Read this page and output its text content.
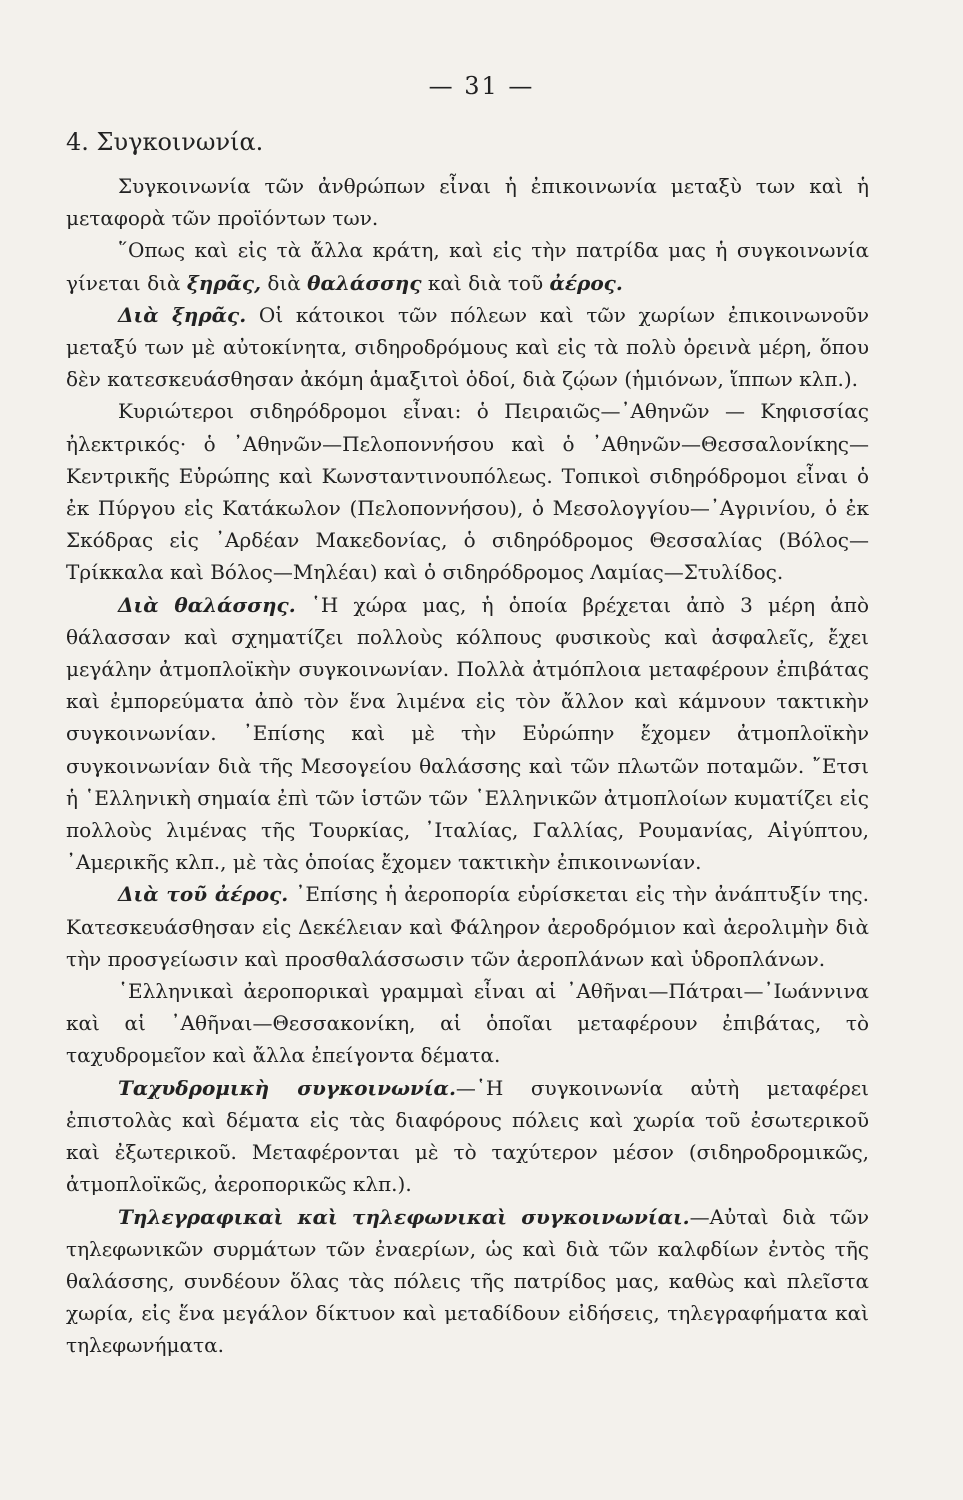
— 31 —
4. Συγκοινωνία.

Συγκοινωνία τῶν ἀνθρώπων εἶναι ἡ ἐπικοινωνία μεταξὺ των καὶ ἡ μεταφορὰ τῶν προϊόντων των.

῞Οπως καὶ εἰς τὰ ἄλλα κράτη, καὶ εἰς τὴν πατρίδα μας ἡ συγκοινωνία γίνεται διὰ ξηρᾶς, διὰ θαλάσσης καὶ διὰ τοῦ ἀέρος.

Διὰ ξηρᾶς. Οἱ κάτοικοι τῶν πόλεων καὶ τῶν χωρίων ἐπικοινωνοῦν μεταξύ των μὲ αὐτοκίνητα, σιδηροδρόμους καὶ εἰς τὰ πολὺ ὀρεινὰ μέρη, ὅπου δὲν κατεσκευάσθησαν ἀκόμη ἁμαξιτοὶ ὁδοί, διὰ ζῴων (ἡμιόνων, ἵππων κλπ.).

Κυριώτεροι σιδηρόδρομοι εἶναι: ὁ Πειραιῶς—᾿Αθηνῶν — Κηφισσίας ἠλεκτρικός· ὁ ᾿Αθηνῶν—Πελοποννήσου καὶ ὁ ᾿Αθηνῶν—Θεσσαλονίκης—Κεντρικῆς Εὐρώπης καὶ Κωνσταντινουπόλεως. Τοπικοὶ σιδηρόδρομοι εἶναι ὁ ἐκ Πύργου εἰς Κατάκωλον (Πελοποννήσου), ὁ Μεσολογγίου—᾿Αγρινίου, ὁ ἐκ Σκόδρας εἰς ᾿Αρδέαν Μακεδονίας, ὁ σιδηρόδρομος Θεσσαλίας (Βόλος—Τρίκκαλα καὶ Βόλος—Μηλέαι) καὶ ὁ σιδηρόδρομος Λαμίας—Στυλίδος.

Διὰ θαλάσσης. ῾Η χώρα μας, ἡ ὁποία βρέχεται ἀπὸ 3 μέρη ἀπὸ θάλασσαν καὶ σχηματίζει πολλοὺς κόλπους φυσικοὺς καὶ ἀσφαλεῖς, ἔχει μεγάλην ἀτμοπλοϊκὴν συγκοινωνίαν. Πολλὰ ἀτμόπλοια μεταφέρουν ἐπιβάτας καὶ ἐμπορεύματα ἀπὸ τὸν ἕνα λιμένα εἰς τὸν ἄλλον καὶ κάμνουν τακτικὴν συγκοινωνίαν. ᾿Επίσης καὶ μὲ τὴν Εὐρώπην ἔχομεν ἀτμοπλοϊκὴν συγκοινωνίαν διὰ τῆς Μεσογείου θαλάσσης καὶ τῶν πλωτῶν ποταμῶν. ῎Ετσι ἡ ῾Ελληνικὴ σημαία ἐπὶ τῶν ἱστῶν τῶν ῾Ελληνικῶν ἀτμοπλοίων κυματίζει εἰς πολλοὺς λιμένας τῆς Τουρκίας, ᾿Ιταλίας, Γαλλίας, Ρουμανίας, Αἰγύπτου, ᾿Αμερικῆς κλπ., μὲ τὰς ὁποίας ἔχομεν τακτικὴν ἐπικοινωνίαν.

Διὰ τοῦ ἀέρος. ᾿Επίσης ἡ ἀεροπορία εὑρίσκεται εἰς τὴν ἀνάπτυξίν της. Κατεσκευάσθησαν εἰς Δεκέλειαν καὶ Φάληρον ἀεροδρόμιον καὶ ἀερολιμὴν διὰ τὴν προσγείωσιν καὶ προσθαλάσσωσιν τῶν ἀεροπλάνων καὶ ὑδροπλάνων.

῾Ελληνικαὶ ἀεροπορικαὶ γραμμαὶ εἶναι αἱ ᾿Αθῆναι—Πάτραι—᾿Ιωάννινα καὶ αἱ ᾿Αθῆναι—Θεσσακονίκη, αἱ ὁποῖαι μεταφέρουν ἐπιβάτας, τὸ ταχυδρομεῖον καὶ ἄλλα ἐπείγοντα δέματα.

Ταχυδρομικὴ συγκοινωνία.—῾Η συγκοινωνία αὐτὴ μεταφέρει ἐπιστολὰς καὶ δέματα εἰς τὰς διαφόρους πόλεις καὶ χωρία τοῦ ἐσωτερικοῦ καὶ ἐξωτερικοῦ. Μεταφέρονται μὲ τὸ ταχύτερον μέσον (σιδηροδρομικῶς, ἀτμοπλοϊκῶς, ἀεροπορικῶς κλπ.).

Τηλεγραφικαὶ καὶ τηλεφωνικαὶ συγκοινωνίαι.—Αὐταὶ διὰ τῶν τηλεφωνικῶν συρμάτων τῶν ἐναερίων, ὡς καὶ διὰ τῶν καλφδίων ἐντὸς τῆς θαλάσσης, συνδέουν ὅλας τὰς πόλεις τῆς πατρίδος μας, καθὼς καὶ πλεῖστα χωρία, εἰς ἕνα μεγάλον δίκτυον καὶ μεταδίδουν εἰδήσεις, τηλεγραφήματα καὶ τηλεφωνήματα.
